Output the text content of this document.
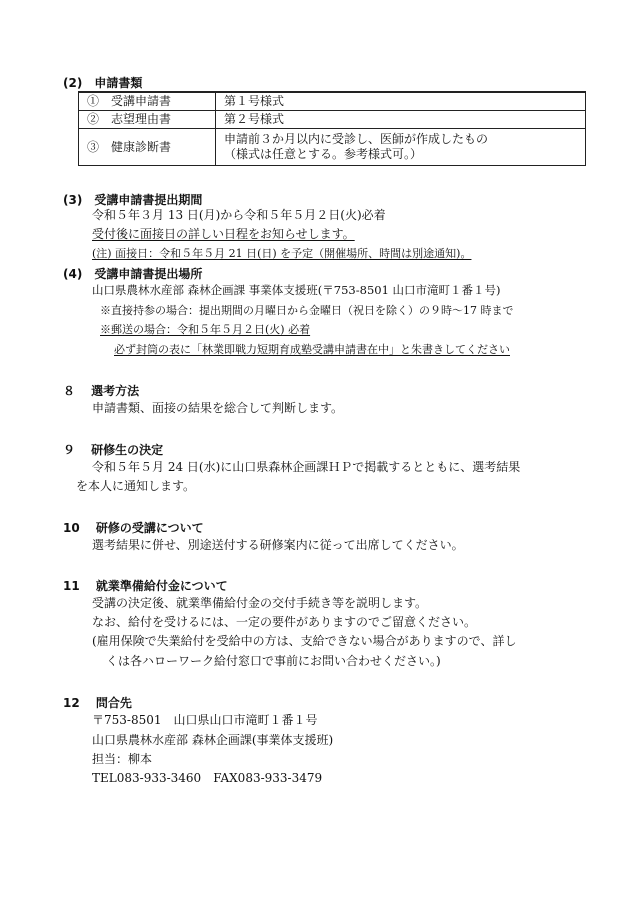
(2)　申請書類
①　受講申請書	第１号様式
②　志望理由書	第２号様式
③　健康診断書	申請前３か月以内に受診し、医師が作成したもの
（様式は任意とする。参考様式可。）
(3)　受講申請書提出期間
令和５年３月 13 日(月)から令和５年５月２日(火)必着
受付後に面接日の詳しい日程をお知らせします。
(注) 面接日：令和５年５月 21 日(日) を予定（開催場所、時間は別途通知)。
(4)　受講申請書提出場所
山口県農林水産部 森林企画課 事業体支援班(〒753-8501 山口市滝町１番１号)
※直接持参の場合：提出期間の月曜日から金曜日（祝日を除く）の９時～17 時まで
※郵送の場合：令和５年５月２日(火) 必着
必ず封筒の表に「林業即戦力短期育成塾受講申請書在中」と朱書きしてください
８　 選考方法
申請書類、面接の結果を総合して判断します。
９　 研修生の決定
令和５年５月 24 日(水)に山口県森林企画課ＨＰで掲載するとともに、選考結果
を本人に通知します。
10　 研修の受講について
選考結果に併せ、別途送付する研修案内に従って出席してください。
11　 就業準備給付金について
受講の決定後、就業準備給付金の交付手続き等を説明します。
なお、給付を受けるには、一定の要件がありますのでご留意ください。
(雇用保険で失業給付を受給中の方は、支給できない場合がありますので、詳し
くは各ハローワーク給付窓口で事前にお問い合わせください。)
12　 問合先
〒753-8501　山口県山口市滝町１番１号
山口県農林水産部 森林企画課(事業体支援班)
担当：柳本
TEL083-933-3460　FAX083-933-3479
